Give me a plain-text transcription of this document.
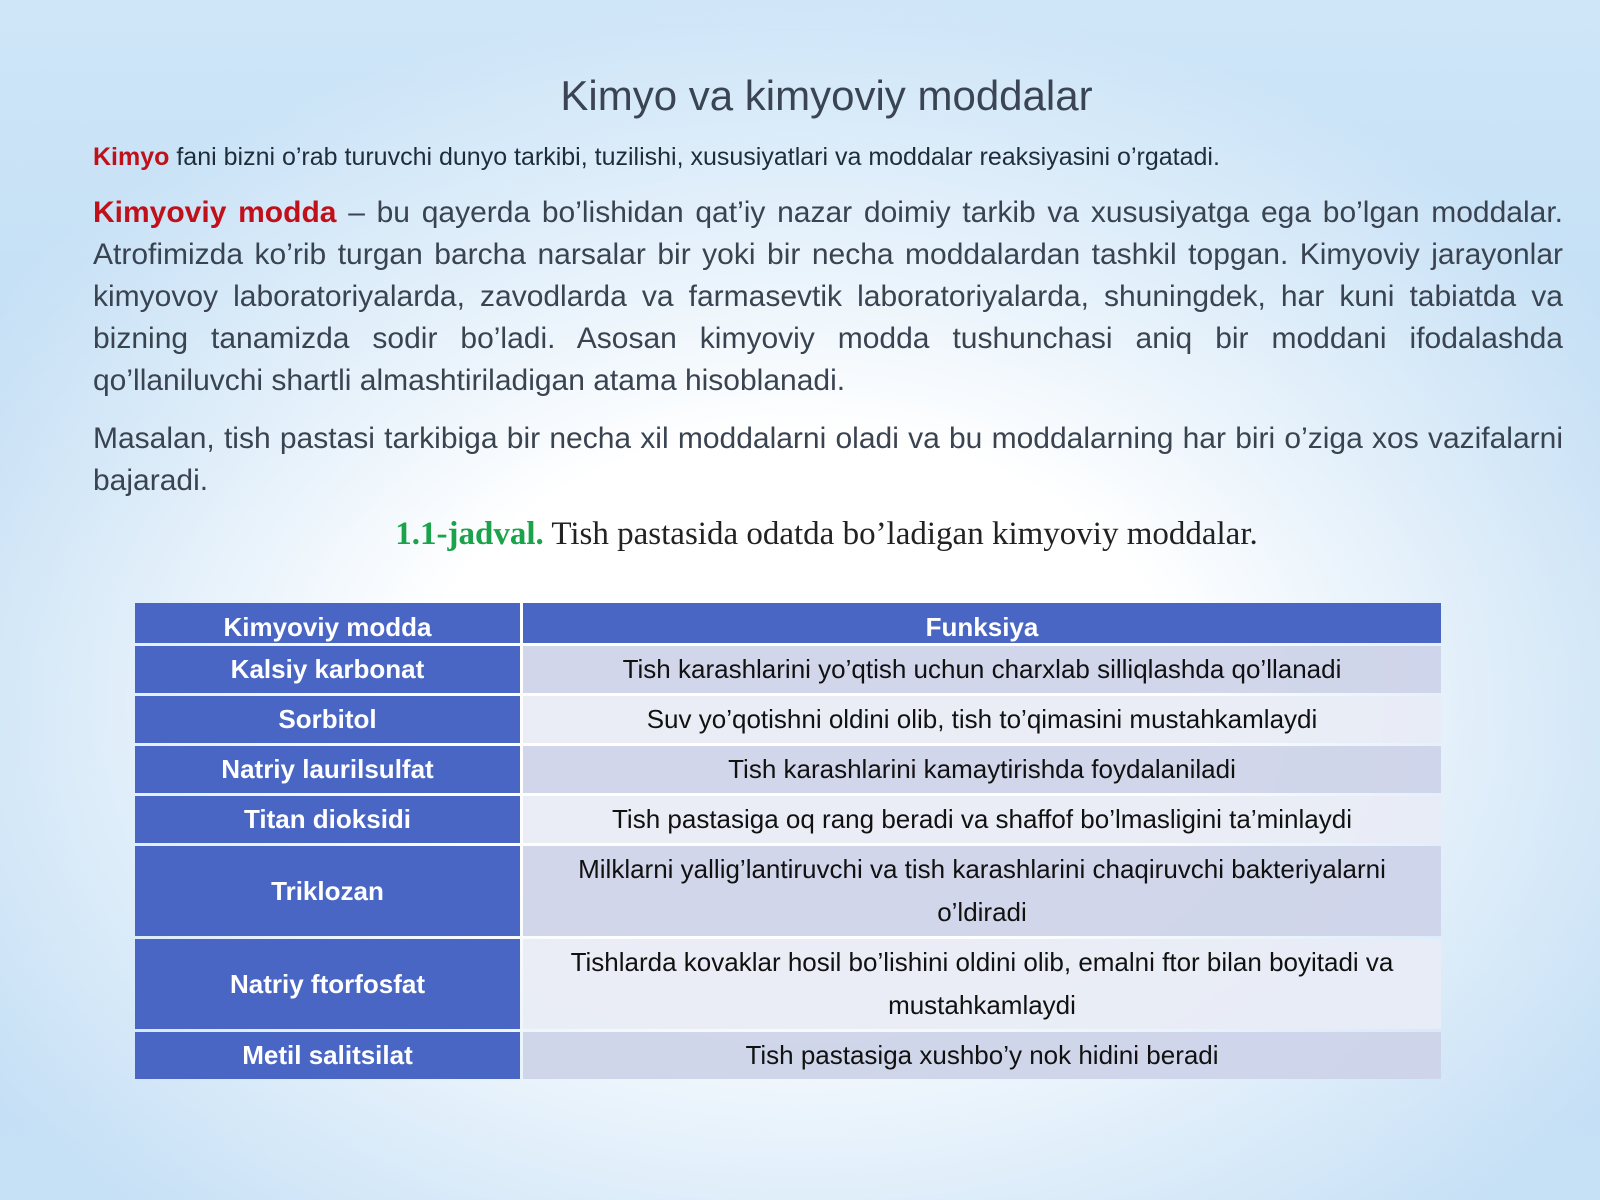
Kimyo va kimyoviy moddalar
Kimyo fani bizni o’rab turuvchi dunyo tarkibi, tuzilishi, xususiyatlari va moddalar reaksiyasini o’rgatadi.
Kimyoviy modda – bu qayerda bo’lishidan qat’iy nazar doimiy tarkib va xususiyatga ega bo’lgan moddalar. Atrofimizda ko’rib turgan barcha narsalar bir yoki bir necha moddalardan tashkil topgan. Kimyoviy jarayonlar kimyovoy laboratoriyalarda, zavodlarda va farmasevtik laboratoriyalarda, shuningdek, har kuni tabiatda va bizning tanamizda sodir bo’ladi. Asosan kimyoviy modda tushunchasi aniq bir moddani ifodalashda qo’llaniluvchi shartli almashtiriladigan atama hisoblanadi.
Masalan, tish pastasi tarkibiga bir necha xil moddalarni oladi va bu moddalarning har biri o’ziga xos vazifalarni bajaradi.
1.1-jadval. Tish pastasida odatda bo’ladigan kimyoviy moddalar.
Kimyoviy modda	Funksiya
Kalsiy karbonat	Tish karashlarini yo’qtish uchun charxlab silliqlashda qo’llanadi
Sorbitol	Suv yo’qotishni oldini olib, tish to’qimasini mustahkamlaydi
Natriy laurilsulfat	Tish karashlarini kamaytirishda foydalaniladi
Titan dioksidi	Tish pastasiga oq rang beradi va shaffof bo’lmasligini ta’minlaydi
Triklozan	Milklarni yallig’lantiruvchi va tish karashlarini chaqiruvchi bakteriyalarni o’ldiradi
Natriy ftorfosfat	Tishlarda kovaklar hosil bo’lishini oldini olib, emalni ftor bilan boyitadi va mustahkamlaydi
Metil salitsilat	Tish pastasiga xushbo’y nok hidini beradi
